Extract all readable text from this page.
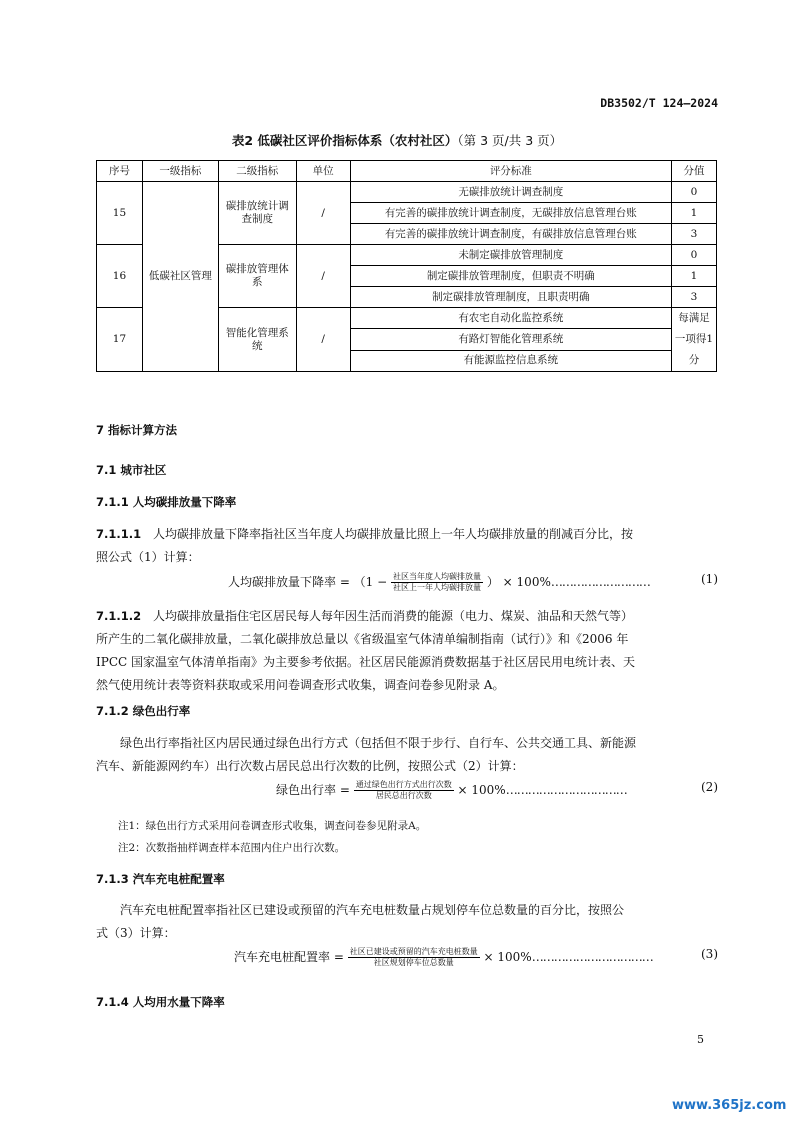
DB3502/T 124—2024
表2 低碳社区评价指标体系（农村社区）（第 3 页/共 3 页）
序号	一级指标	二级指标	单位	评分标准	分值
15	低碳社区管理	碳排放统计调查制度	/	无碳排放统计调查制度	0
				有完善的碳排放统计调查制度，无碳排放信息管理台账	1
				有完善的碳排放统计调查制度，有碳排放信息管理台账	3
16		碳排放管理体系	/	未制定碳排放管理制度	0
				制定碳排放管理制度，但职责不明确	1
				制定碳排放管理制度，且职责明确	3
17		智能化管理系统	/	有农宅自动化监控系统	每满足一项得1分
				有路灯智能化管理系统	
				有能源监控信息系统	
7 指标计算方法
7.1 城市社区
7.1.1 人均碳排放量下降率
7.1.1.1 人均碳排放量下降率指社区当年度人均碳排放量比照上一年人均碳排放量的削减百分比，按
照公式（1）计算：
人均碳排放量下降率 = （$1 - \frac{\text{社区当年度人均碳排放量}}{\text{社区上一年人均碳排放量}}$ ） × 100%………………………	(1)
7.1.1.2 人均碳排放量指住宅区居民每人每年因生活而消费的能源（电力、煤炭、油品和天然气等）
所产生的二氧化碳排放量，二氧化碳排放总量以《省级温室气体清单编制指南（试行）》和《2006 年
IPCC 国家温室气体清单指南》为主要参考依据。社区居民能源消费数据基于社区居民用电统计表、天
然气使用统计表等资料获取或采用问卷调查形式收集，调查问卷参见附录 A。
7.1.2 绿色出行率
绿色出行率指社区内居民通过绿色出行方式（包括但不限于步行、自行车、公共交通工具、新能源
汽车、新能源网约车）出行次数占居民总出行次数的比例，按照公式（2）计算：
绿色出行率 = $\frac{\text{通过绿色出行方式出行次数}}{\text{居民总出行次数}}$ × 100%……………………………	(2)
注1：绿色出行方式采用问卷调查形式收集，调查问卷参见附录A。
注2：次数指抽样调查样本范围内住户出行次数。
7.1.3 汽车充电桩配置率
汽车充电桩配置率指社区已建设或预留的汽车充电桩数量占规划停车位总数量的百分比，按照公
式（3）计算：
汽车充电桩配置率 = $\frac{\text{社区已建设或预留的汽车充电桩数量}}{\text{社区规划停车位总数量}}$ × 100%……………………………	(3)
7.1.4 人均用水量下降率
5
www.365jz.com
